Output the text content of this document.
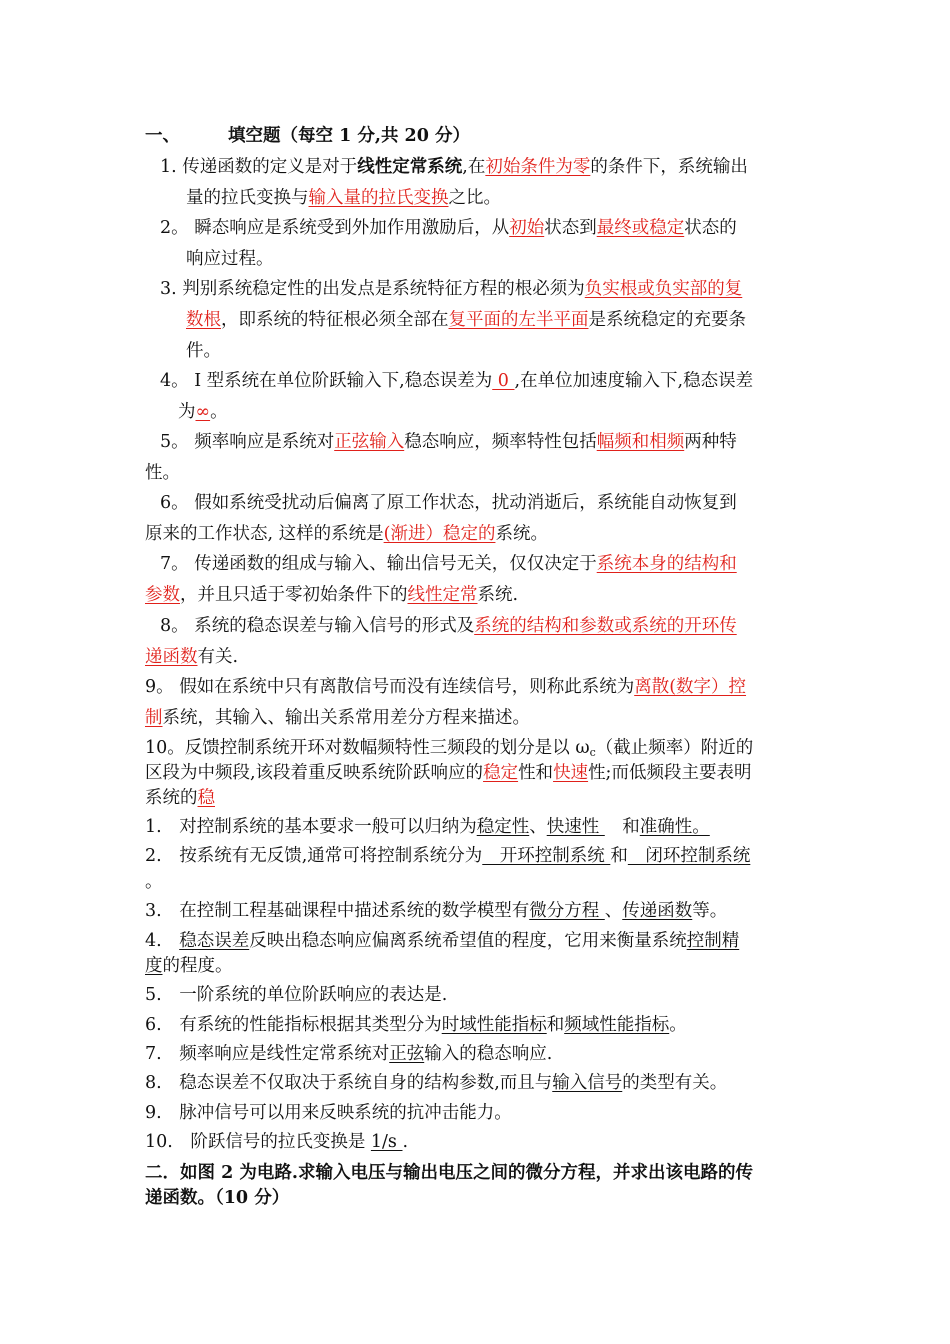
一、	填空题（每空 1 分,共 20 分）
1. 传递函数的定义是对于线性定常系统,在初始条件为零的条件下，系统输出
量的拉氏变换与输入量的拉氏变换之比。
2。 瞬态响应是系统受到外加作用激励后，从初始状态到最终或稳定状态的
响应过程。
3. 判别系统稳定性的出发点是系统特征方程的根必须为负实根或负实部的复
数根，即系统的特征根必须全部在复平面的左半平面是系统稳定的充要条
件。
4。 I 型系统在单位阶跃输入下,稳态误差为 0 ,在单位加速度输入下,稳态误差
为∞。
5。 频率响应是系统对正弦输入稳态响应，频率特性包括幅频和相频两种特
性。
6。 假如系统受扰动后偏离了原工作状态，扰动消逝后，系统能自动恢复到
原来的工作状态, 这样的系统是(渐进）稳定的系统。
7。 传递函数的组成与输入、输出信号无关，仅仅决定于系统本身的结构和
参数，并且只适于零初始条件下的线性定常系统.
8。 系统的稳态误差与输入信号的形式及系统的结构和参数或系统的开环传
递函数有关.
9。 假如在系统中只有离散信号而没有连续信号，则称此系统为离散(数字）控
制系统，其输入、输出关系常用差分方程来描述。
10。反馈控制系统开环对数幅频特性三频段的划分是以 $\omega_c$（截止频率）附近的
区段为中频段,该段着重反映系统阶跃响应的稳定性和快速性;而低频段主要表明
系统的稳
1.　对控制系统的基本要求一般可以归纳为稳定性、快速性 　和准确性。
2.　按系统有无反馈,通常可将控制系统分为　开环控制系统 和　闭环控制系统
。
3.　在控制工程基础课程中描述系统的数学模型有微分方程 、传递函数等。
4.　稳态误差反映出稳态响应偏离系统希望值的程度，它用来衡量系统控制精
度的程度。
5.　一阶系统的单位阶跃响应的表达是.
6.　有系统的性能指标根据其类型分为时域性能指标和频域性能指标。
7.　频率响应是线性定常系统对正弦输入的稳态响应.
8.　稳态误差不仅取决于系统自身的结构参数,而且与输入信号的类型有关。
9.　脉冲信号可以用来反映系统的抗冲击能力。
10.　阶跃信号的拉氏变换是 1/s .
二．如图 2 为电路.求输入电压与输出电压之间的微分方程，并求出该电路的传
递函数。（10 分）
